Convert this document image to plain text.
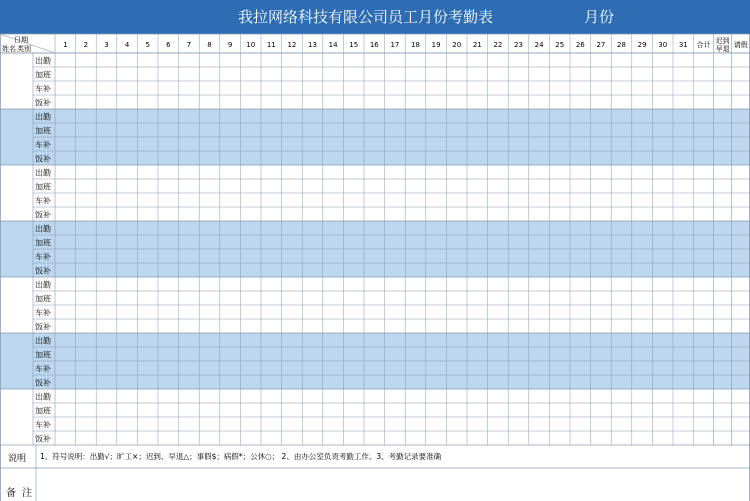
我拉网络科技有限公司员工月份考勤表	月份
日期
类别
姓名	1 2 3 4 5 6 7 8 9 10 11 12 13 14 15 16 17 18 19 20 21 22 23 24 25 26 27 28 29 30 31 合计 迟到
早退 请假
出勤
加班
车补
饭补
出勤
加班
车补
饭补
出勤
加班
车补
饭补
出勤
加班
车补
饭补
出勤
加班
车补
饭补
出勤
加班
车补
饭补
出勤
加班
车补
饭补
说明 1、符号说明：出勤√；旷工×；迟到、早退△；事假$；病假*；公休○； 2、由办公室负责考勤工作。3、考勤记录要准确
备注
